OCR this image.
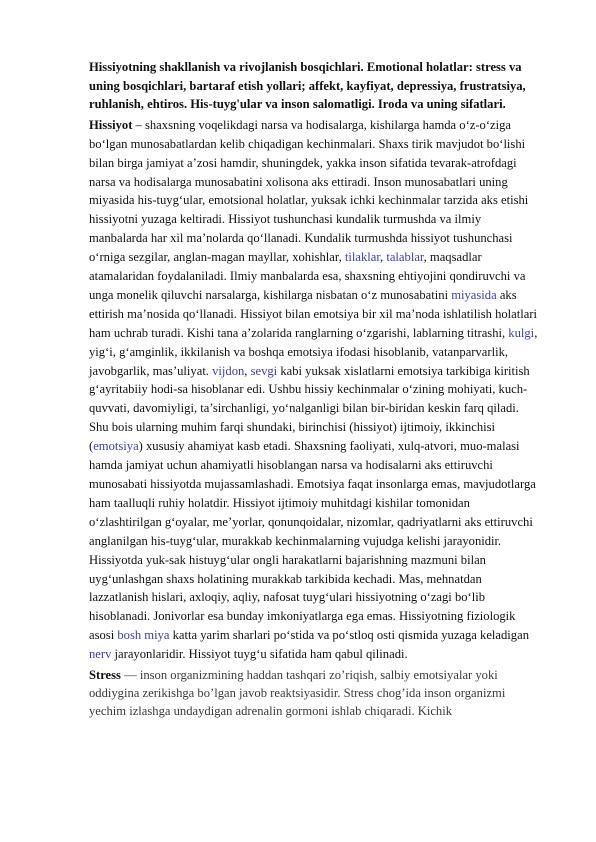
Hissiyotning shakllanish va rivojlanish bosqichlari. Emotional holatlar: stress va uning bosqichlari, bartaraf etish yollari; affekt, kayfiyat, depressiya, frustratsiya, ruhlanish, ehtiros. His-tuyg'ular va inson salomatligi. Iroda va uning sifatlari.

Hissiyot – shaxsning voqelikdagi narsa va hodisalarga, kishilarga hamda o‘z-o‘ziga bo‘lgan munosabatlardan kelib chiqadigan kechinmalari. Shaxs tirik mavjudot bo‘lishi bilan birga jamiyat a’zosi hamdir, shuningdek, yakka inson sifatida tevarak-atrofdagi narsa va hodisalarga munosabatini xolisona aks ettiradi. Inson munosabatlari uning miyasida his-tuyg‘ular, emotsional holatlar, yuksak ichki kechinmalar tarzida aks etishi hissiyotni yuzaga keltiradi. Hissiyot tushunchasi kundalik turmushda va ilmiy manbalarda har xil ma’nolarda qo‘llanadi. Kundalik turmushda hissiyot tushunchasi o‘rniga sezgilar, anglan-magan mayllar, xohishlar, tilaklar, talablar, maqsadlar atamalaridan foydalaniladi. Ilmiy manbalarda esa, shaxsning ehtiyojini qondiruvchi va unga monelik qiluvchi narsalarga, kishilarga nisbatan o‘z munosabatini miyasida aks ettirish ma’nosida qo‘llanadi. Hissiyot bilan emotsiya bir xil ma’noda ishlatilish holatlari ham uchrab turadi. Kishi tana a’zolarida ranglarning o‘zgarishi, lablarning titrashi, kulgi, yig‘i, g‘amginlik, ikkilanish va boshqa emotsiya ifodasi hisoblanib, vatanparvarlik, javobgarlik, mas’uliyat. vijdon, sevgi kabi yuksak xislatlarni emotsiya tarkibiga kiritish g‘ayritabiiy hodi-sa hisoblanar edi. Ushbu hissiy kechinmalar o‘zining mohiyati, kuch-quvvati, davomiyligi, ta’sirchanligi, yo‘nalganligi bilan bir-biridan keskin farq qiladi. Shu bois ularning muhim farqi shundaki, birinchisi (hissiyot) ijtimoiy, ikkinchisi (emotsiya) xususiy ahamiyat kasb etadi. Shaxsning faoliyati, xulq-atvori, muo-malasi hamda jamiyat uchun ahamiyatli hisoblangan narsa va hodisalarni aks ettiruvchi munosabati hissiyotda mujassamlashadi. Emotsiya faqat insonlarga emas, mavjudotlarga ham taalluqli ruhiy holatdir. Hissiyot ijtimoiy muhitdagi kishilar tomonidan o‘zlashtirilgan g‘oyalar, me’yorlar, qonunqoidalar, nizomlar, qadriyatlarni aks ettiruvchi anglanilgan his-tuyg‘ular, murakkab kechinmalarning vujudga kelishi jarayonidir. Hissiyotda yuk-sak histuyg‘ular ongli harakatlarni bajarishning mazmuni bilan uyg‘unlashgan shaxs holatining murakkab tarkibida kechadi. Mas, mehnatdan lazzatlanish hislari, axloqiy, aqliy, nafosat tuyg‘ulari hissiyotning o‘zagi bo‘lib hisoblanadi. Jonivorlar esa bunday imkoniyatlarga ega emas. Hissiyotning fiziologik asosi bosh miya katta yarim sharlari po‘stida va po‘stloq osti qismida yuzaga keladigan nerv jarayonlaridir. Hissiyot tuyg‘u sifatida ham qabul qilinadi.

Stress — inson organizmining haddan tashqari zo’riqish, salbiy emotsiyalar yoki oddiygina zerikishga bo’lgan javob reaktsiyasidir. Stress chog’ida inson organizmi yechim izlashga undaydigan adrenalin gormoni ishlab chiqaradi. Kichik
